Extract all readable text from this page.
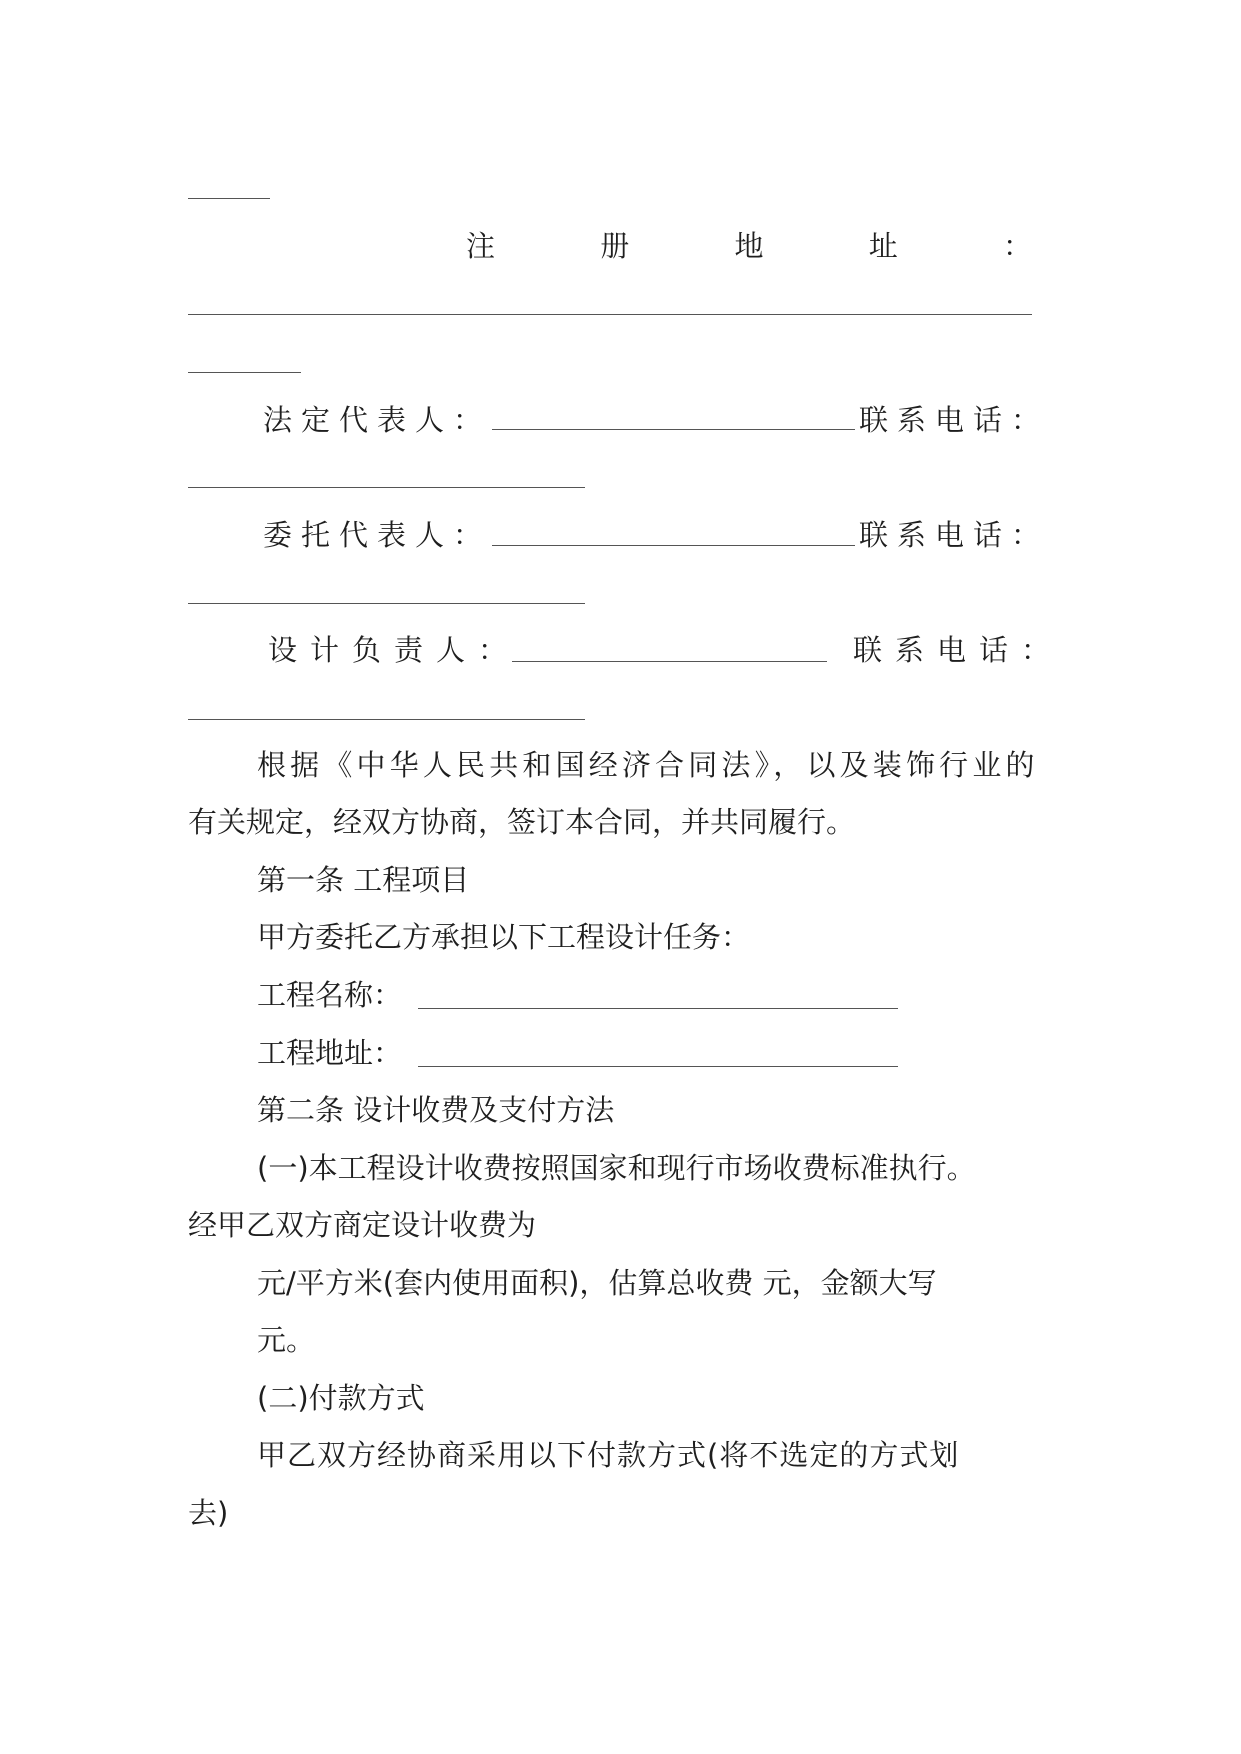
注	册	地	址	：
法定代表人：	联系电话：
委托代表人：	联系电话：
设计负责人：	联系电话：
根据《中华人民共和国经济合同法》，以及装饰行业的
有关规定，经双方协商，签订本合同，并共同履行。
第一条 工程项目
甲方委托乙方承担以下工程设计任务：
工程名称：
工程地址：
第二条 设计收费及支付方法
(一)本工程设计收费按照国家和现行市场收费标准执行。
经甲乙双方商定设计收费为
元/平方米(套内使用面积)，估算总收费 元，金额大写
元。
(二)付款方式
甲乙双方经协商采用以下付款方式(将不选定的方式划
去)
